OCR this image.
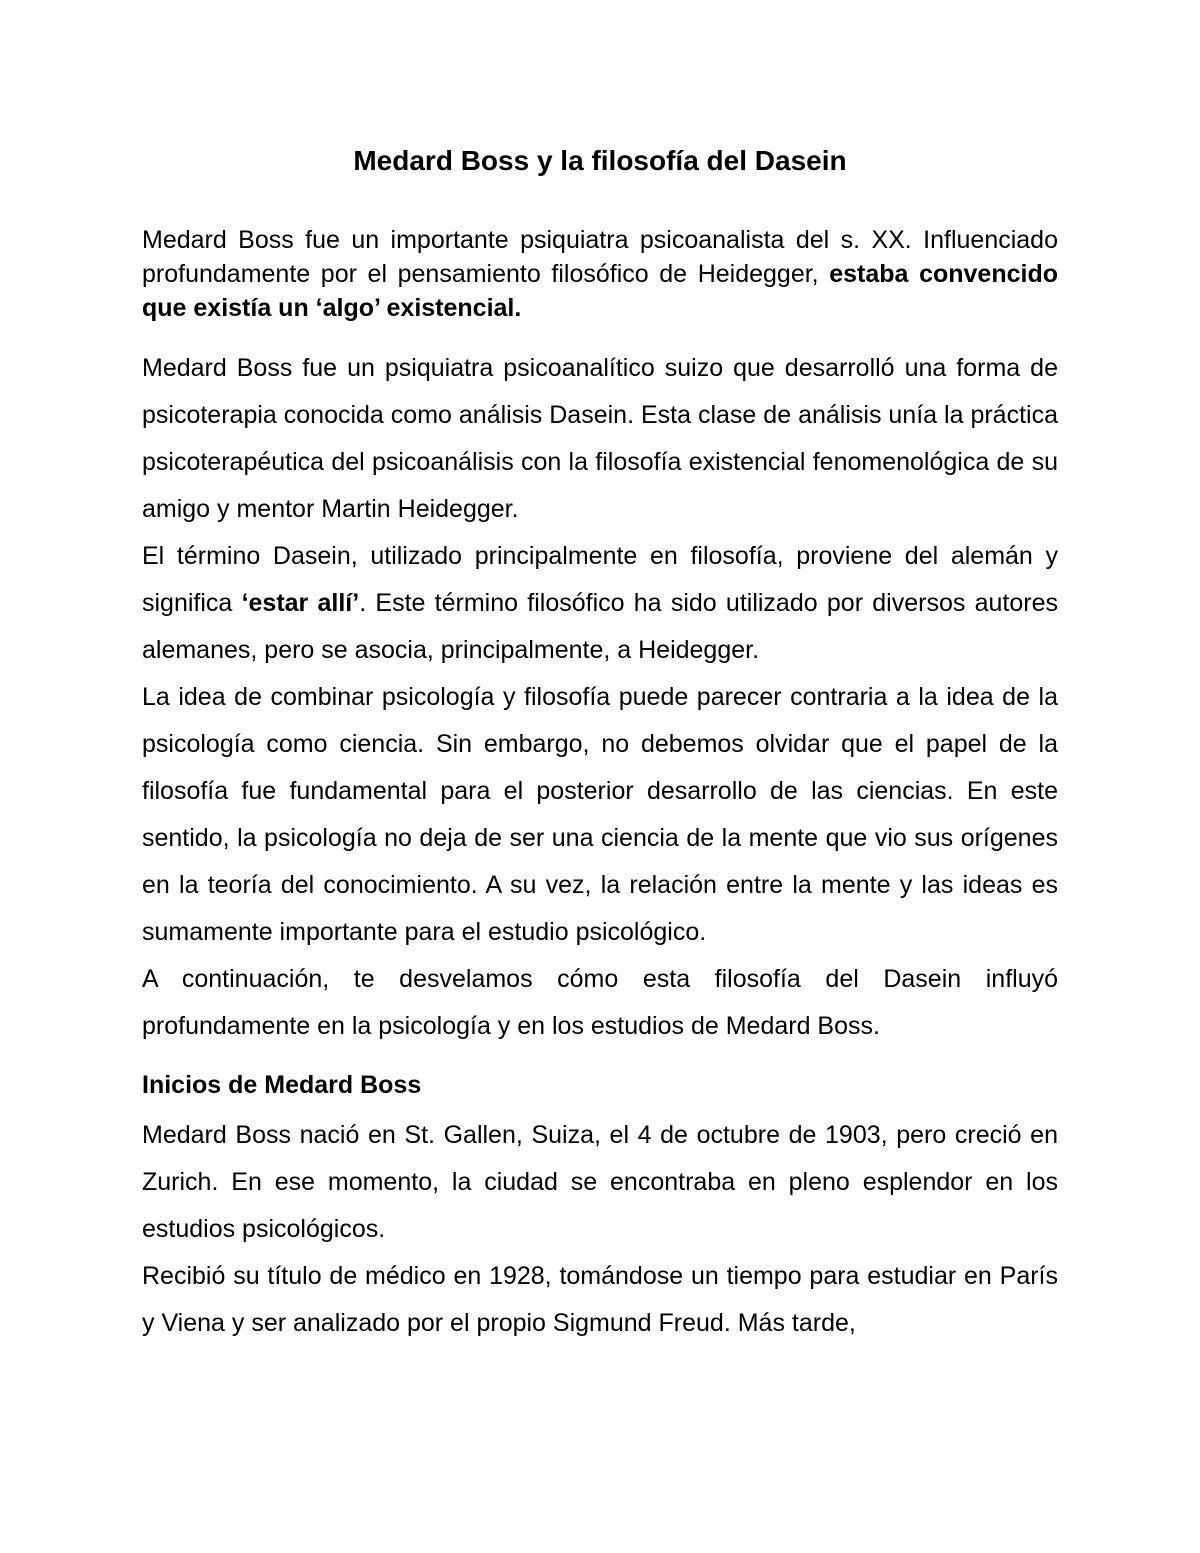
Medard Boss y la filosofía del Dasein

Medard Boss fue un importante psiquiatra psicoanalista del s. XX. Influenciado profundamente por el pensamiento filosófico de Heidegger, estaba convencido que existía un ‘algo’ existencial.

Medard Boss fue un psiquiatra psicoanalítico suizo que desarrolló una forma de psicoterapia conocida como análisis Dasein. Esta clase de análisis unía la práctica psicoterapéutica del psicoanálisis con la filosofía existencial fenomenológica de su amigo y mentor Martin Heidegger.

El término Dasein, utilizado principalmente en filosofía, proviene del alemán y significa ‘estar allí’. Este término filosófico ha sido utilizado por diversos autores alemanes, pero se asocia, principalmente, a Heidegger.

La idea de combinar psicología y filosofía puede parecer contraria a la idea de la psicología como ciencia. Sin embargo, no debemos olvidar que el papel de la filosofía fue fundamental para el posterior desarrollo de las ciencias. En este sentido, la psicología no deja de ser una ciencia de la mente que vio sus orígenes en la teoría del conocimiento. A su vez, la relación entre la mente y las ideas es sumamente importante para el estudio psicológico.

A continuación, te desvelamos cómo esta filosofía del Dasein influyó profundamente en la psicología y en los estudios de Medard Boss.

Inicios de Medard Boss

Medard Boss nació en St. Gallen, Suiza, el 4 de octubre de 1903, pero creció en Zurich. En ese momento, la ciudad se encontraba en pleno esplendor en los estudios psicológicos.

Recibió su título de médico en 1928, tomándose un tiempo para estudiar en París y Viena y ser analizado por el propio Sigmund Freud. Más tarde,
